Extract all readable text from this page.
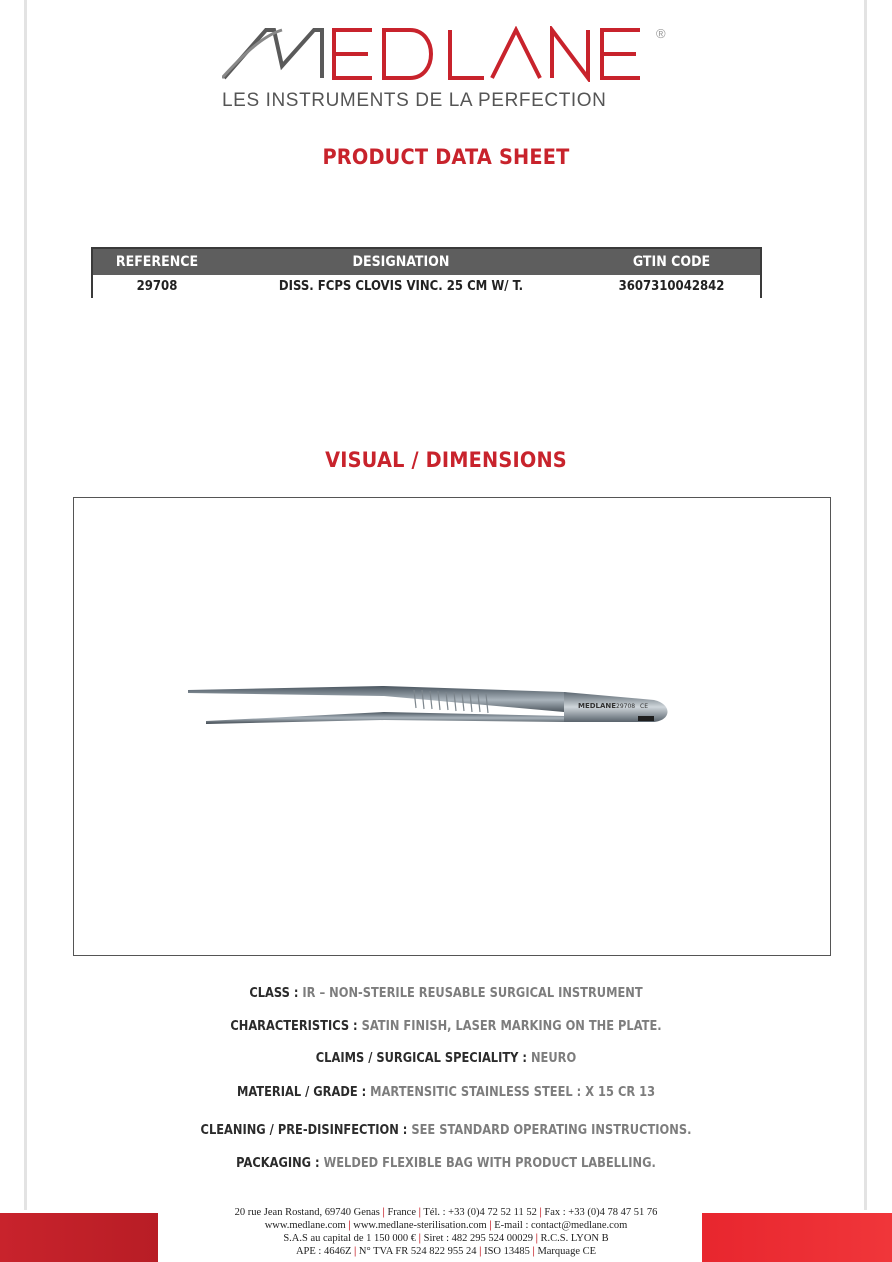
®
LES INSTRUMENTS DE LA PERFECTION
PRODUCT DATA SHEET
REFERENCE	DESIGNATION	GTIN CODE
29708	DISS. FCPS CLOVIS VINC. 25 CM W/ T.	3607310042842
VISUAL / DIMENSIONS
MEDLANE 29708 CE
CLASS : IR – NON-STERILE REUSABLE SURGICAL INSTRUMENT
CHARACTERISTICS : SATIN FINISH, LASER MARKING ON THE PLATE.
CLAIMS / SURGICAL SPECIALITY : NEURO
MATERIAL / GRADE : MARTENSITIC STAINLESS STEEL : X 15 CR 13
CLEANING / PRE-DISINFECTION : SEE STANDARD OPERATING INSTRUCTIONS.
PACKAGING : WELDED FLEXIBLE BAG WITH PRODUCT LABELLING.
20 rue Jean Rostand, 69740 Genas | France | Tél. : +33 (0)4 72 52 11 52 | Fax : +33 (0)4 78 47 51 76
www.medlane.com | www.medlane-sterilisation.com | E-mail : contact@medlane.com
S.A.S au capital de 1 150 000 € | Siret : 482 295 524 00029 | R.C.S. LYON B
APE : 4646Z | N° TVA FR 524 822 955 24 | ISO 13485 | Marquage CE
